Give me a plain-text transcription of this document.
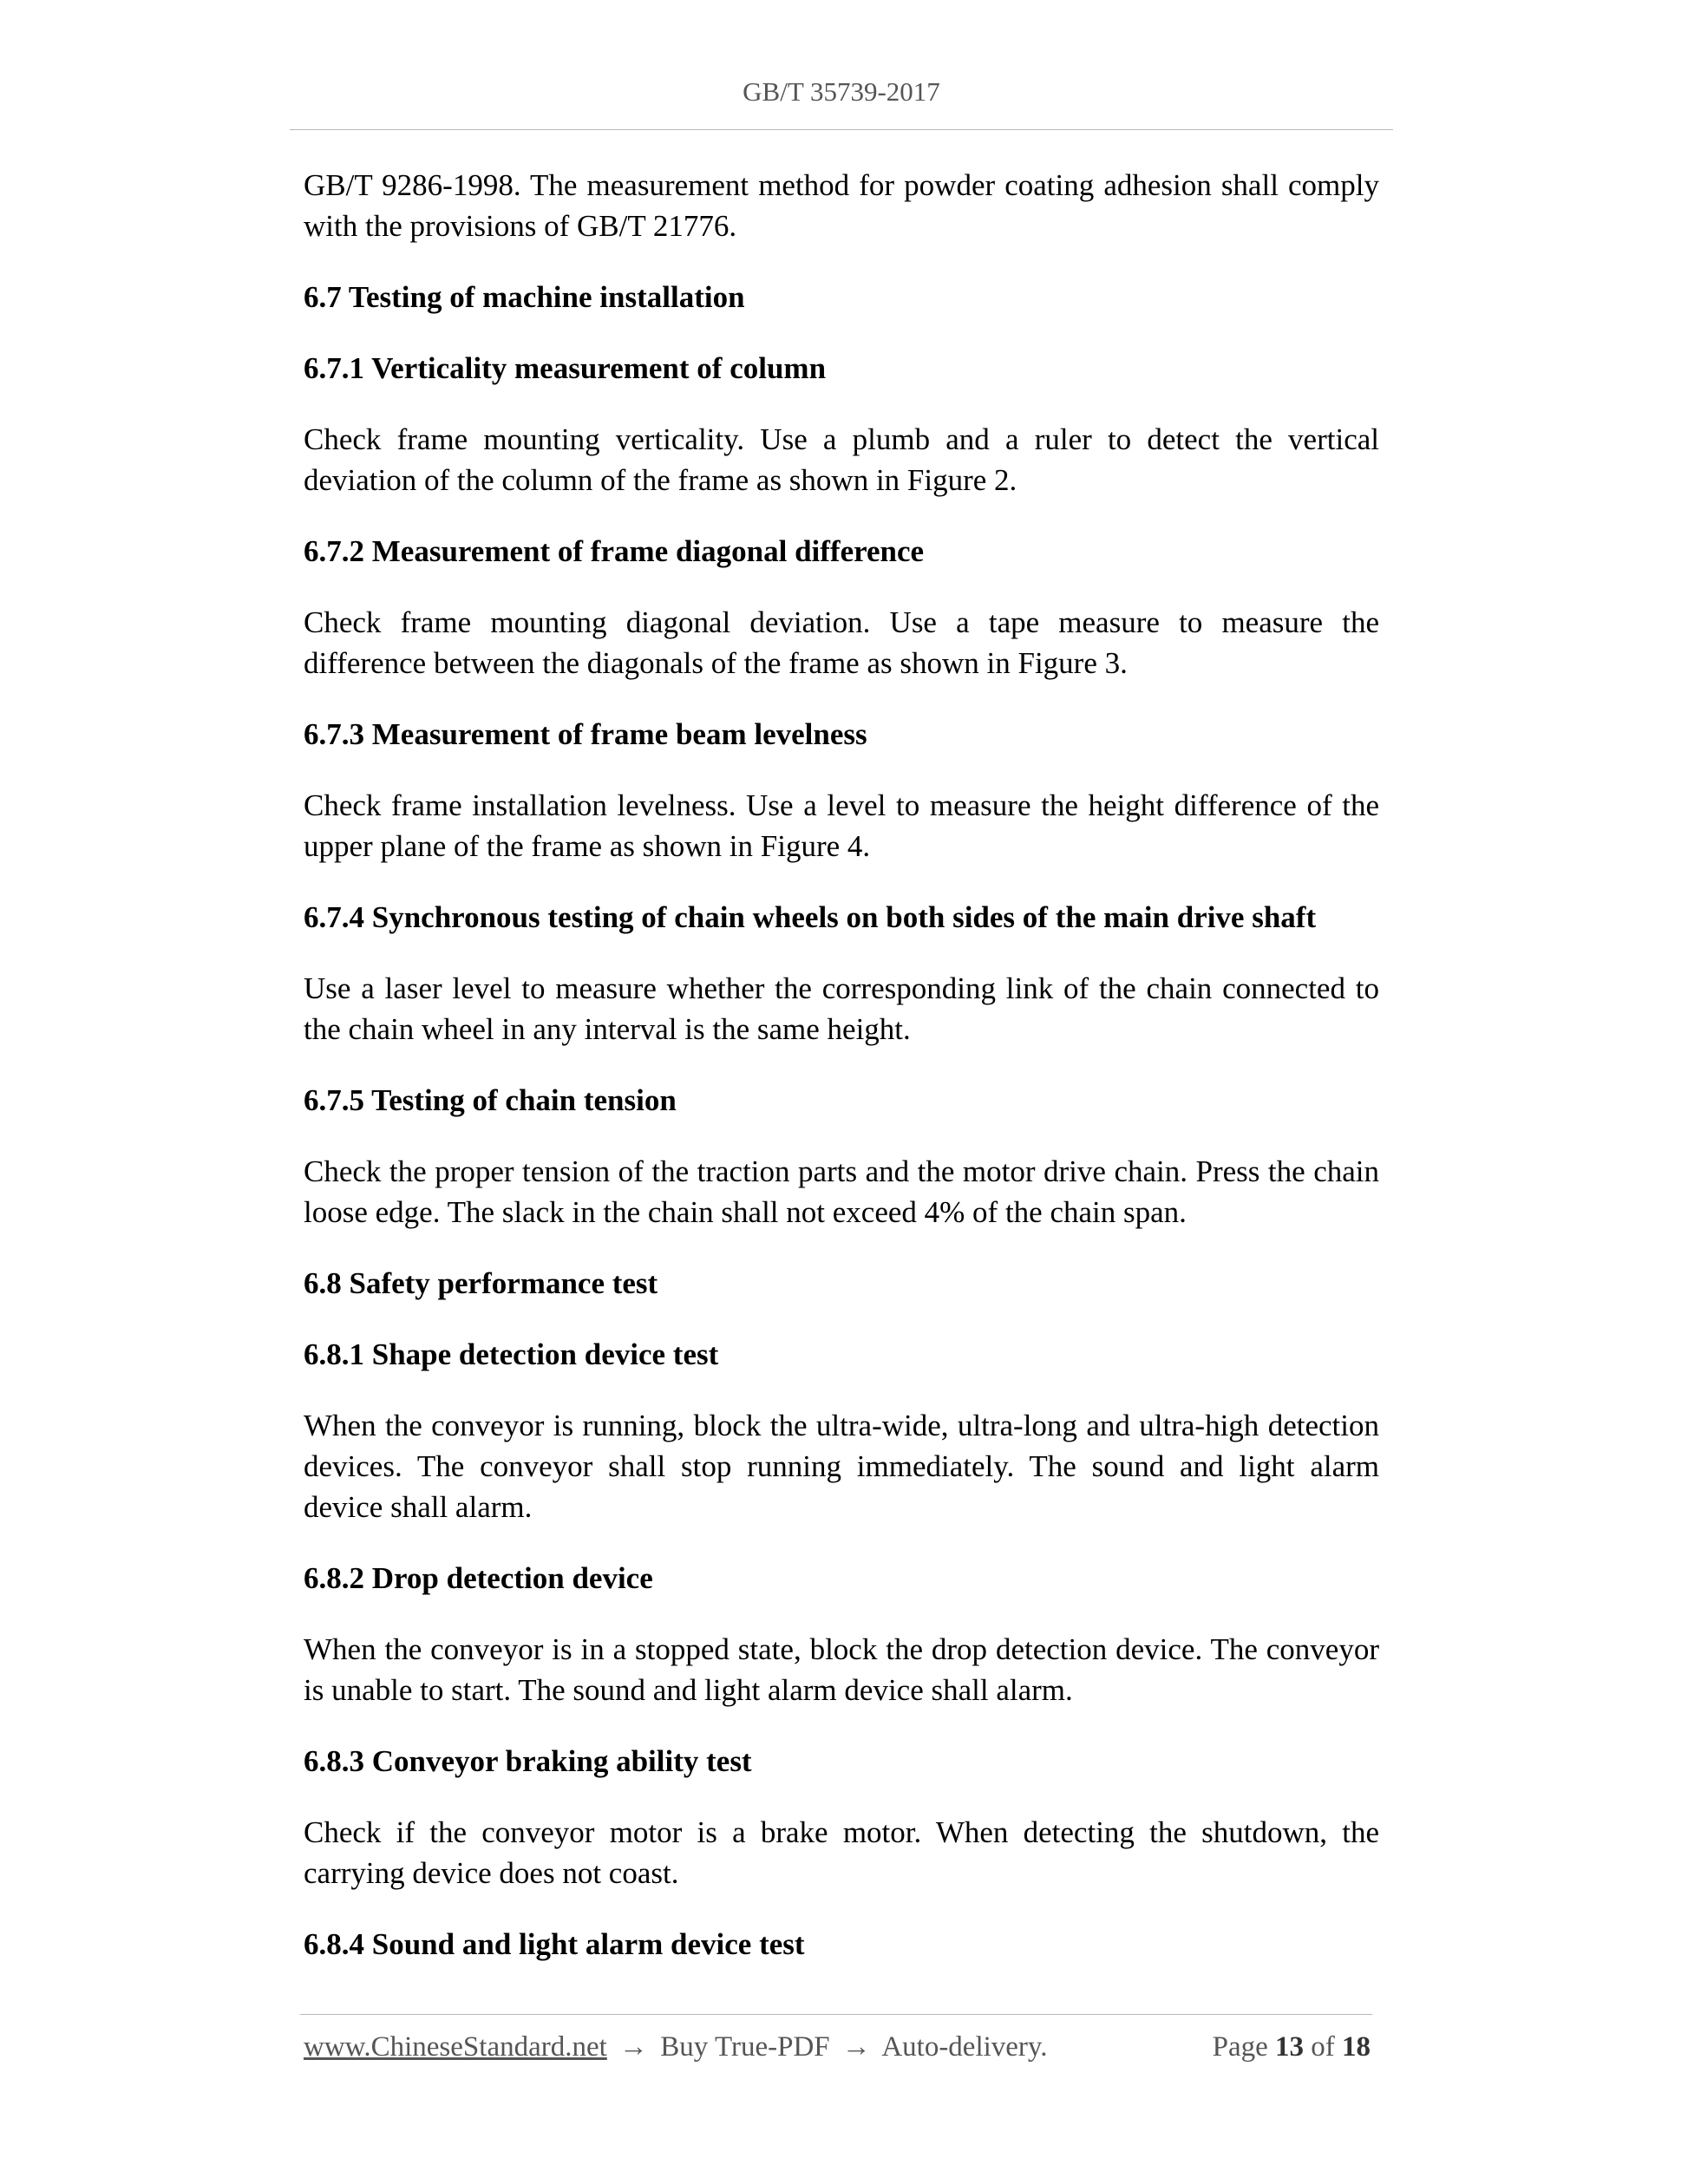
GB/T 35739-2017
GB/T 9286-1998. The measurement method for powder coating adhesion shall comply with the provisions of GB/T 21776.
6.7 Testing of machine installation
6.7.1 Verticality measurement of column
Check frame mounting verticality. Use a plumb and a ruler to detect the vertical deviation of the column of the frame as shown in Figure 2.
6.7.2 Measurement of frame diagonal difference
Check frame mounting diagonal deviation. Use a tape measure to measure the difference between the diagonals of the frame as shown in Figure 3.
6.7.3 Measurement of frame beam levelness
Check frame installation levelness. Use a level to measure the height difference of the upper plane of the frame as shown in Figure 4.
6.7.4 Synchronous testing of chain wheels on both sides of the main drive shaft
Use a laser level to measure whether the corresponding link of the chain connected to the chain wheel in any interval is the same height.
6.7.5 Testing of chain tension
Check the proper tension of the traction parts and the motor drive chain. Press the chain loose edge. The slack in the chain shall not exceed 4% of the chain span.
6.8 Safety performance test
6.8.1 Shape detection device test
When the conveyor is running, block the ultra-wide, ultra-long and ultra-high detection devices. The conveyor shall stop running immediately. The sound and light alarm device shall alarm.
6.8.2 Drop detection device
When the conveyor is in a stopped state, block the drop detection device. The conveyor is unable to start. The sound and light alarm device shall alarm.
6.8.3 Conveyor braking ability test
Check if the conveyor motor is a brake motor. When detecting the shutdown, the carrying device does not coast.
6.8.4 Sound and light alarm device test
www.ChineseStandard.net → Buy True-PDF → Auto-delivery.	Page 13 of 18
